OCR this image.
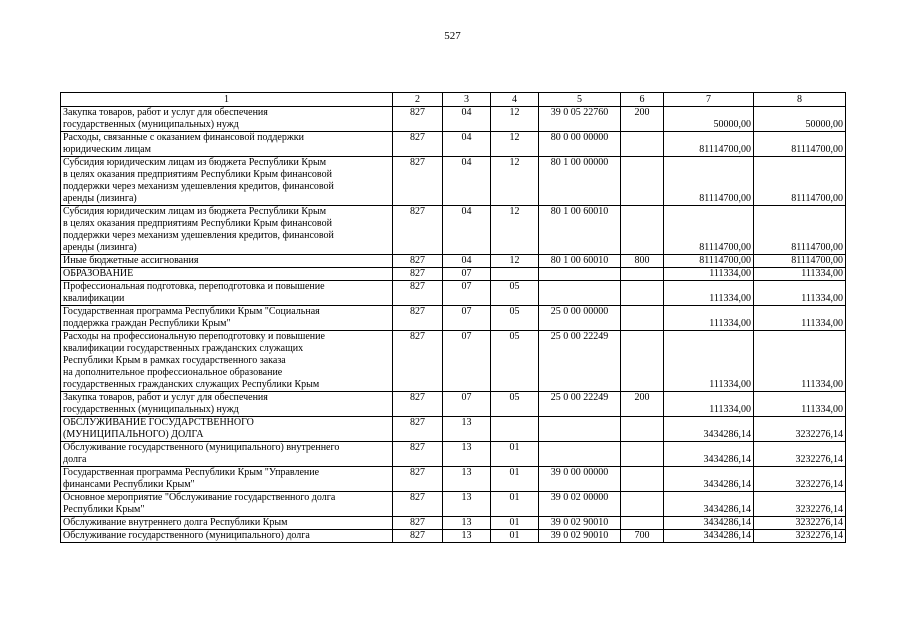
527
1	2	3	4	5	6	7	8
Закупка товаров, работ и услуг для обеспечения
государственных (муниципальных) нужд	827	04	12	39 0 05 22760	200	50000,00	50000,00
Расходы, связанные с оказанием финансовой поддержки
юридическим лицам	827	04	12	80 0 00 00000		81114700,00	81114700,00
Субсидия юридическим лицам из бюджета Республики Крым
в целях оказания предприятиям Республики Крым финансовой
поддержки через механизм удешевления кредитов, финансовой
аренды (лизинга)	827	04	12	80 1 00 00000		81114700,00	81114700,00
Субсидия юридическим лицам из бюджета Республики Крым
в целях оказания предприятиям Республики Крым финансовой
поддержки через механизм удешевления кредитов, финансовой
аренды (лизинга)	827	04	12	80 1 00 60010		81114700,00	81114700,00
Иные бюджетные ассигнования	827	04	12	80 1 00 60010	800	81114700,00	81114700,00
ОБРАЗОВАНИЕ	827	07				111334,00	111334,00
Профессиональная подготовка, переподготовка и повышение
квалификации	827	07	05			111334,00	111334,00
Государственная программа Республики Крым "Социальная
поддержка граждан Республики Крым"	827	07	05	25 0 00 00000		111334,00	111334,00
Расходы на профессиональную переподготовку и повышение
квалификации государственных гражданских служащих
Республики Крым в рамках государственного заказа
на дополнительное профессиональное образование
государственных гражданских служащих Республики Крым	827	07	05	25 0 00 22249		111334,00	111334,00
Закупка товаров, работ и услуг для обеспечения
государственных (муниципальных) нужд	827	07	05	25 0 00 22249	200	111334,00	111334,00
ОБСЛУЖИВАНИЕ ГОСУДАРСТВЕННОГО
(МУНИЦИПАЛЬНОГО) ДОЛГА	827	13				3434286,14	3232276,14
Обслуживание государственного (муниципального) внутреннего
долга	827	13	01			3434286,14	3232276,14
Государственная программа Республики Крым "Управление
финансами Республики Крым"	827	13	01	39 0 00 00000		3434286,14	3232276,14
Основное мероприятие "Обслуживание государственного долга
Республики Крым"	827	13	01	39 0 02 00000		3434286,14	3232276,14
Обслуживание внутреннего долга Республики Крым	827	13	01	39 0 02 90010		3434286,14	3232276,14
Обслуживание государственного (муниципального) долга	827	13	01	39 0 02 90010	700	3434286,14	3232276,14
